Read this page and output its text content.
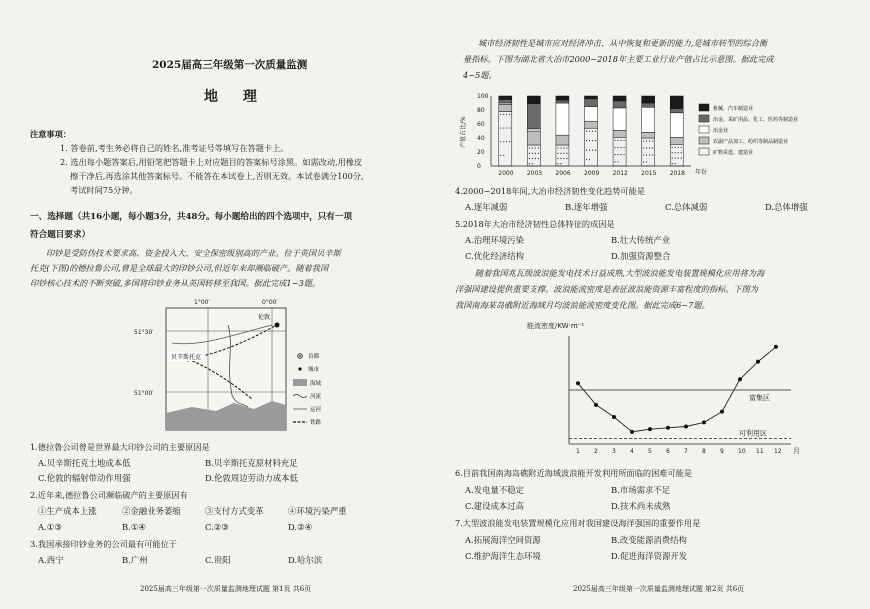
2025届高三年级第一次质量监测
地 理
注意事项：
1. 答卷前,考生务必将自己的姓名,准考证号等填写在答题卡上。
2. 选出每小题答案后,用铅笔把答题卡上对应题目的答案标号涂黑。如需改动,用橡皮
擦干净后,再选涂其他答案标号。不能答在本试卷上,否则无效。本试卷满分100分,
考试时间75分钟。
一、选择题（共16小题，每小题3分，共48分。每小题给出的四个选项中，只有一项
符合题目要求）
印钞是受防伪技术要求高、资金投入大、安全保密级别高的产业。位于英国贝辛斯
托克(下图)的德拉鲁公司,曾是全球最大的印钞公司,但近年来却濒临破产。随着我国
印钞核心技术的不断突破,多国将印钞业务从英国转移至我国。据此完成1~3题。
1°00′	0°00′
51°30′
51°00′
贝辛斯托克
伦敦
首都
城市
海域
河流
运河
铁路
1.德拉鲁公司曾是世界最大印钞公司的主要原因是
A.贝辛斯托克土地成本低	B.贝辛斯托克原材料充足
C.伦敦的辐射带动作用强	D.伦敦周边劳动力成本低
2.近年来,德拉鲁公司濒临破产的主要原因有
①生产成本上涨	②金融业务萎缩	③支付方式变革	④环境污染严重
A.①③	B.①④	C.②③	D.②④
3.我国承接印钞业务的公司最有可能位于
A.西宁	B.广州	C.贵阳	D.哈尔滨
2025届高三年级第一次质量监测地理试题 第1页 共6页
城市经济韧性是城市应对经济冲击、从中恢复和更新的能力,是城市转型的综合衡
量指标。下图为湖北省大冶市2000~2018年主要工业行业产值占比示意图。据此完成
4~5题。
产值占比/%
0
20
40
60
80
100
2000 2003 2006 2009 2012 2015 2018 年份
机械、汽车制造业
冶金、采矿用品、化工、医药等制造业
冶金业
农副产品加工、纺织等制品制造业
矿物采选、建造业
4.2000~2018年间,大冶市经济韧性变化趋势可能是
A.逐年减弱	B.逐年增强	C.总体减弱	D.总体增强
5.2018年大冶市经济韧性总体特征的成因是
A.治理环境污染	B.壮大传统产业
C.优化经济结构	D.加强资源整合
随着我国兆瓦级波浪能发电技术日益成熟,大型波浪能发电装置规模化应用将为海
洋强国建设提供重要支撑。波浪能流密度是表征波浪能资源丰富程度的指标。下图为
我国南海某岛礁附近海域月均波浪能流密度变化图。据此完成6~7题。
能流密度/KW·m⁻¹
富集区
可利用区
1 2 3 4 5 6 7 8 9 10 11 12 月
6.目前我国南海岛礁附近海域波浪能开发利用所面临的困难可能是
A.发电量不稳定	B.市场需求不足
C.建设成本过高	D.技术尚未成熟
7.大型波浪能发电装置规模化应用对我国建设海洋强国的重要作用是
A.拓展海洋空间资源	B.改变能源消费结构
C.维护海洋生态环境	D.促进海洋资源开发
2025届高三年级第一次质量监测地理试题 第2页 共6页
